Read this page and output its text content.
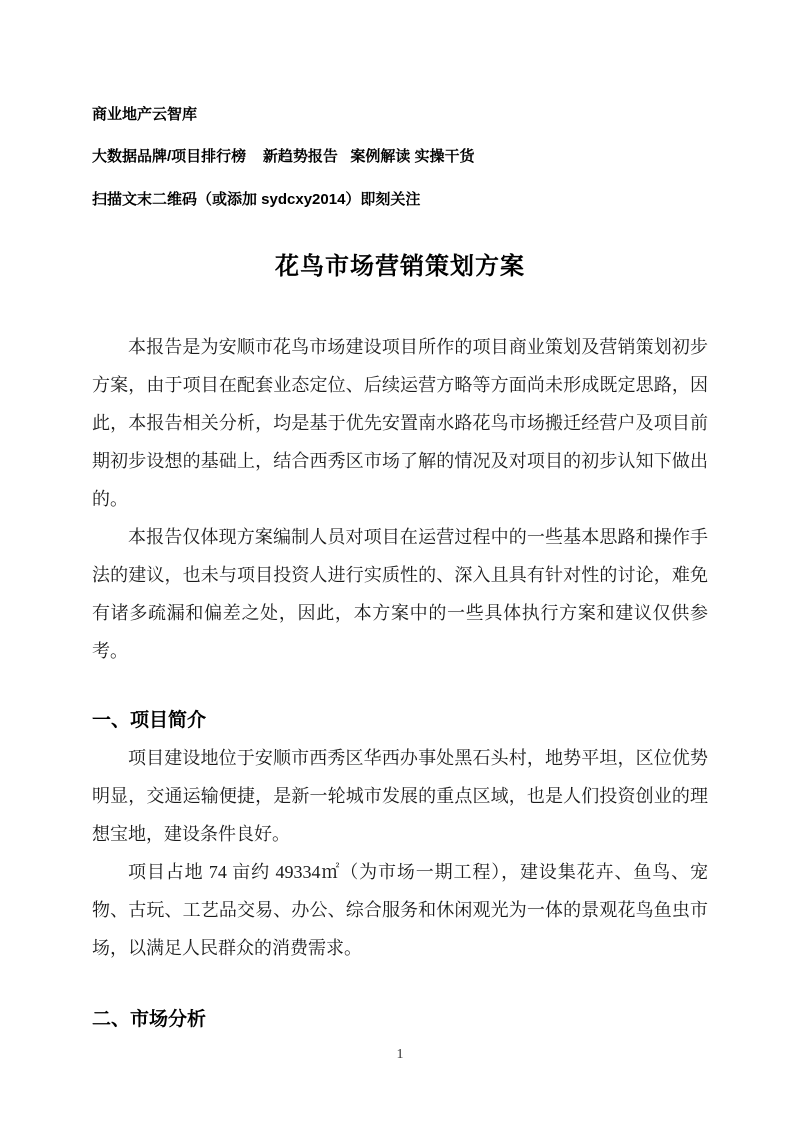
商业地产云智库
大数据品牌/项目排行榜    新趋势报告   案例解读 实操干货
扫描文末二维码（或添加 sydcxy2014）即刻关注
花鸟市场营销策划方案

本报告是为安顺市花鸟市场建设项目所作的项目商业策划及营销策划初步方案，由于项目在配套业态定位、后续运营方略等方面尚未形成既定思路，因此，本报告相关分析，均是基于优先安置南水路花鸟市场搬迁经营户及项目前期初步设想的基础上，结合西秀区市场了解的情况及对项目的初步认知下做出的。

本报告仅体现方案编制人员对项目在运营过程中的一些基本思路和操作手法的建议，也未与项目投资人进行实质性的、深入且具有针对性的讨论，难免有诸多疏漏和偏差之处，因此，本方案中的一些具体执行方案和建议仅供参考。

一、项目简介

项目建设地位于安顺市西秀区华西办事处黑石头村，地势平坦，区位优势明显，交通运输便捷，是新一轮城市发展的重点区域，也是人们投资创业的理想宝地，建设条件良好。

项目占地 74 亩约 49334㎡（为市场一期工程），建设集花卉、鱼鸟、宠物、古玩、工艺品交易、办公、综合服务和休闲观光为一体的景观花鸟鱼虫市场，以满足人民群众的消费需求。

二、市场分析
1
